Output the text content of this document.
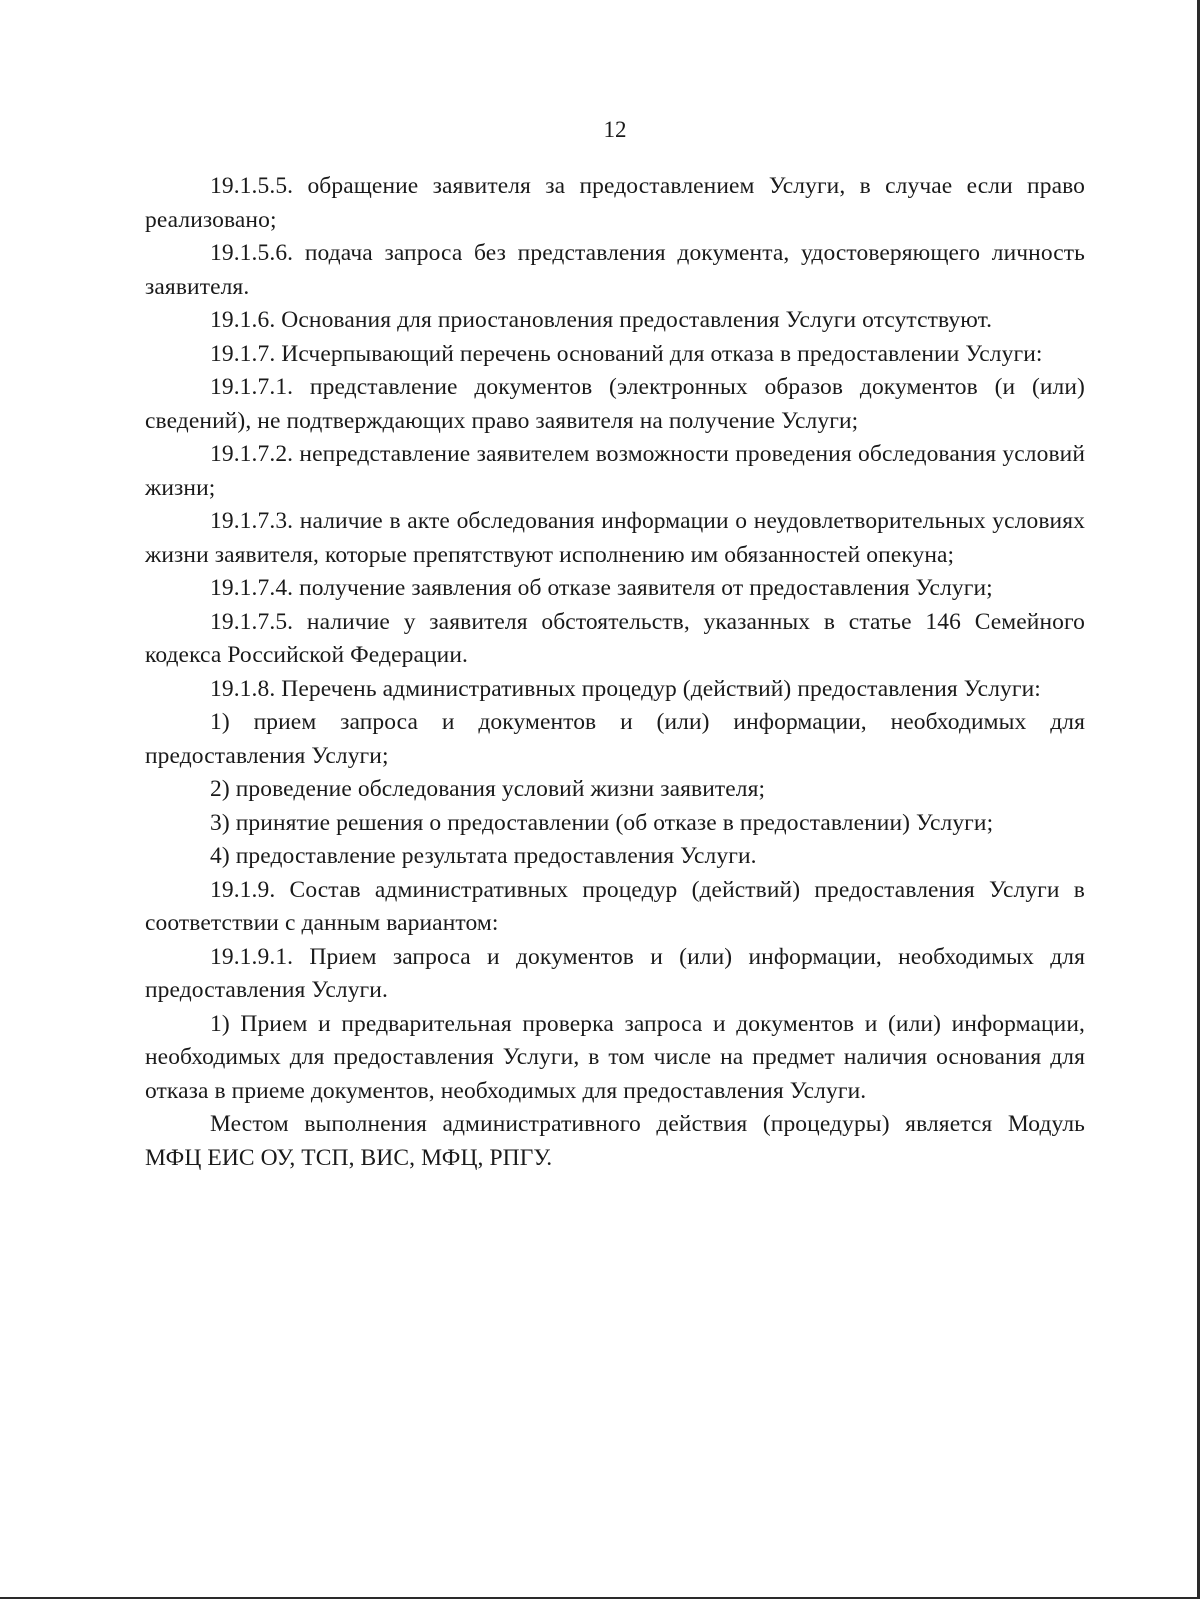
12

19.1.5.5. обращение заявителя за предоставлением Услуги, в случае если право реализовано;

19.1.5.6. подача запроса без представления документа, удостоверяющего личность заявителя.

19.1.6. Основания для приостановления предоставления Услуги отсутствуют.

19.1.7. Исчерпывающий перечень оснований для отказа в предоставлении Услуги:

19.1.7.1. представление документов (электронных образов документов (и (или) сведений), не подтверждающих право заявителя на получение Услуги;

19.1.7.2. непредставление заявителем возможности проведения обследования условий жизни;

19.1.7.3. наличие в акте обследования информации о неудовлетворительных условиях жизни заявителя, которые препятствуют исполнению им обязанностей опекуна;

19.1.7.4. получение заявления об отказе заявителя от предоставления Услуги;

19.1.7.5. наличие у заявителя обстоятельств, указанных в статье 146 Семейного кодекса Российской Федерации.

19.1.8. Перечень административных процедур (действий) предоставления Услуги:

1) прием запроса и документов и (или) информации, необходимых для предоставления Услуги;

2) проведение обследования условий жизни заявителя;

3) принятие решения о предоставлении (об отказе в предоставлении) Услуги;

4) предоставление результата предоставления Услуги.

19.1.9. Состав административных процедур (действий) предоставления Услуги в соответствии с данным вариантом:

19.1.9.1. Прием запроса и документов и (или) информации, необходимых для предоставления Услуги.

1) Прием и предварительная проверка запроса и документов и (или) информации, необходимых для предоставления Услуги, в том числе на предмет наличия основания для отказа в приеме документов, необходимых для предоставления Услуги.

Местом выполнения административного действия (процедуры) является Модуль МФЦ ЕИС ОУ, ТСП, ВИС, МФЦ, РПГУ.
